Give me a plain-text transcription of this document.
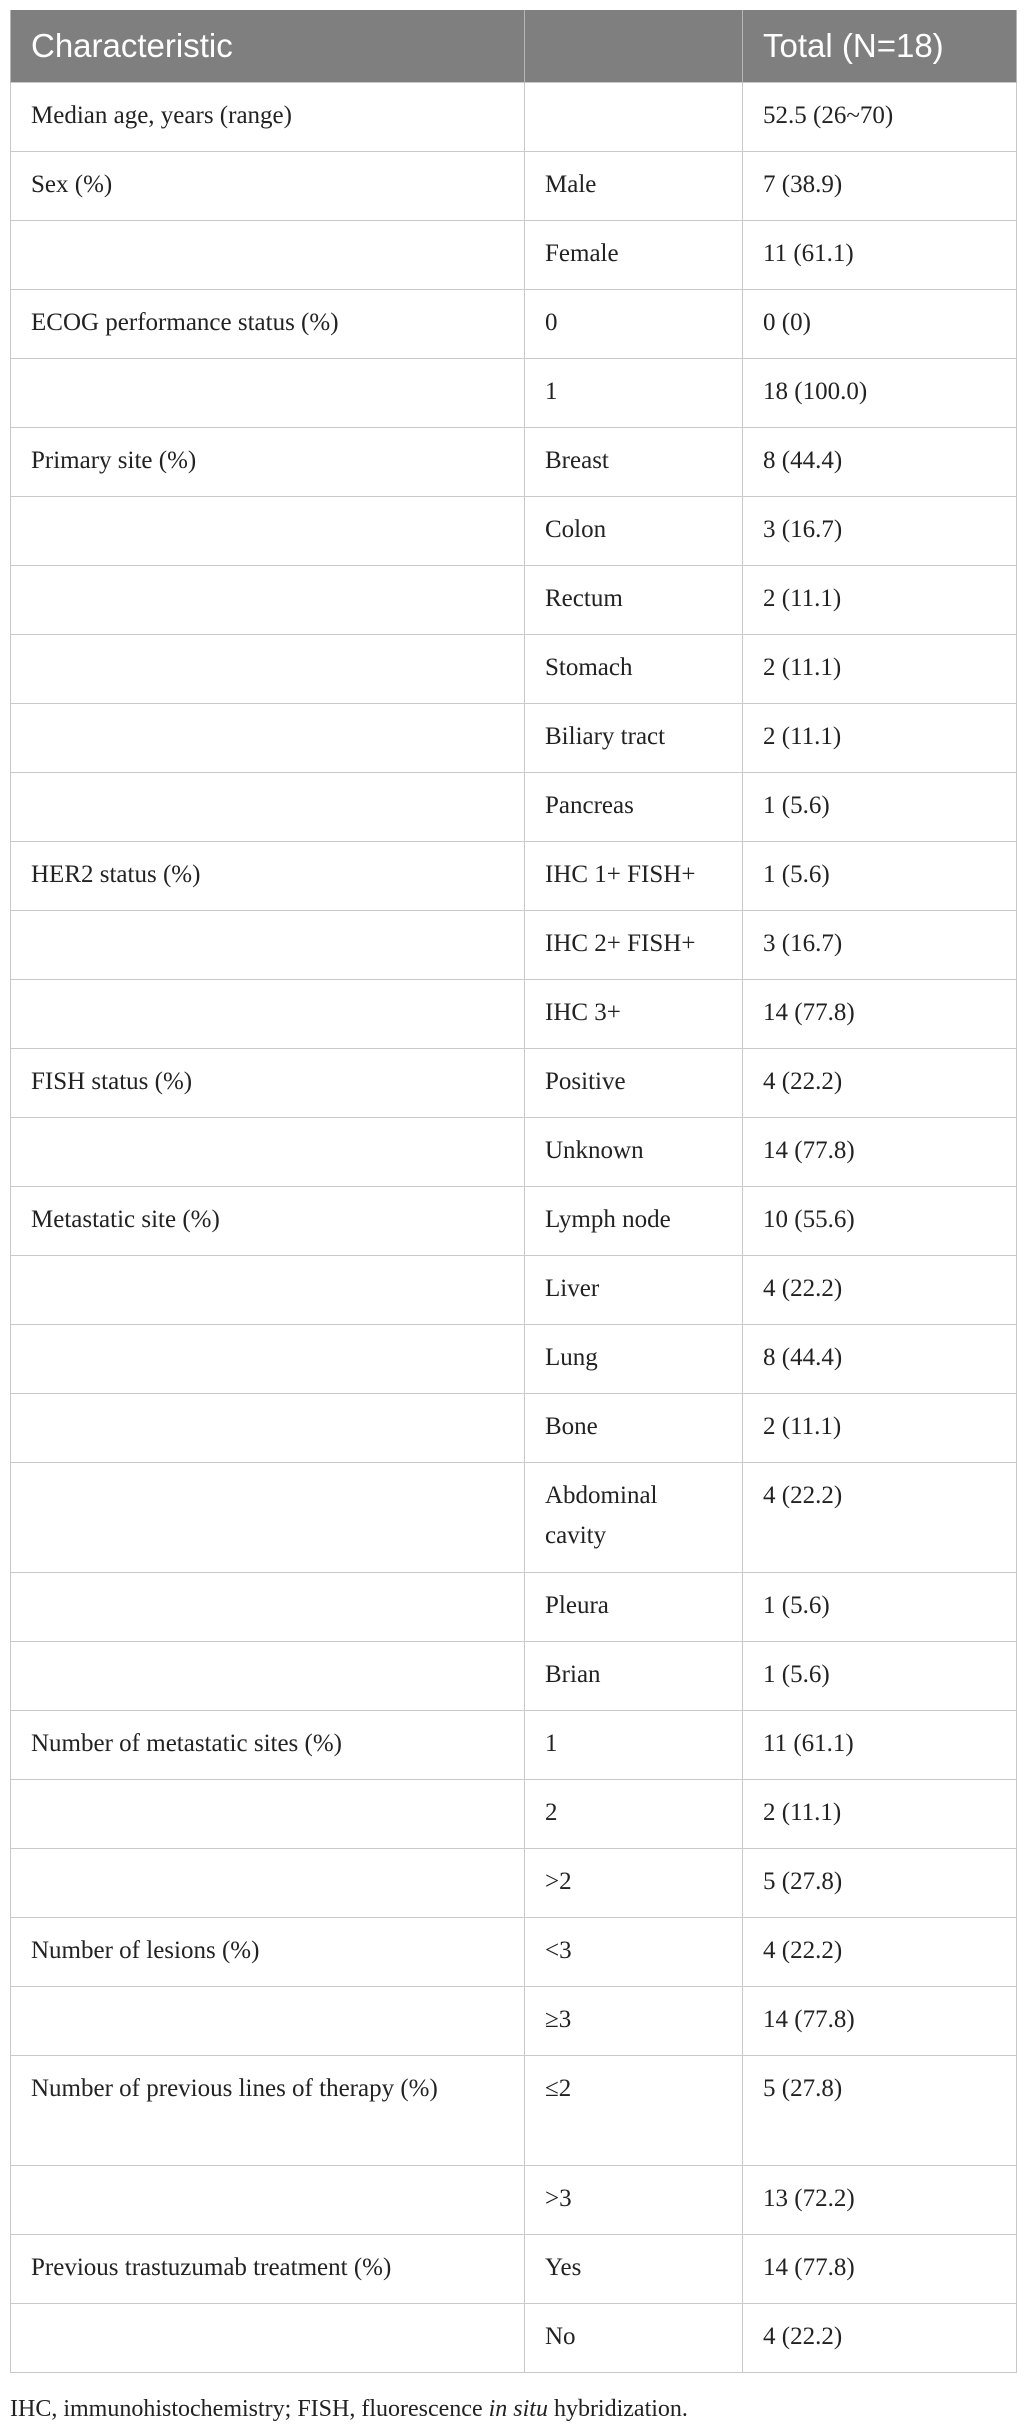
Characteristic		Total (N=18)
Median age, years (range)		52.5 (26~70)
Sex (%)	Male	7 (38.9)
	Female	11 (61.1)
ECOG performance status (%)	0	0 (0)
	1	18 (100.0)
Primary site (%)	Breast	8 (44.4)
	Colon	3 (16.7)
	Rectum	2 (11.1)
	Stomach	2 (11.1)
	Biliary tract	2 (11.1)
	Pancreas	1 (5.6)
HER2 status (%)	IHC 1+ FISH+	1 (5.6)
	IHC 2+ FISH+	3 (16.7)
	IHC 3+	14 (77.8)
FISH status (%)	Positive	4 (22.2)
	Unknown	14 (77.8)
Metastatic site (%)	Lymph node	10 (55.6)
	Liver	4 (22.2)
	Lung	8 (44.4)
	Bone	2 (11.1)
	Abdominal cavity	4 (22.2)
	Pleura	1 (5.6)
	Brian	1 (5.6)
Number of metastatic sites (%)	1	11 (61.1)
	2	2 (11.1)
	>2	5 (27.8)
Number of lesions (%)	<3	4 (22.2)
	≥3	14 (77.8)
Number of previous lines of therapy (%)	≤2	5 (27.8)
	>3	13 (72.2)
Previous trastuzumab treatment (%)	Yes	14 (77.8)
	No	4 (22.2)
IHC, immunohistochemistry; FISH, fluorescence in situ hybridization.
